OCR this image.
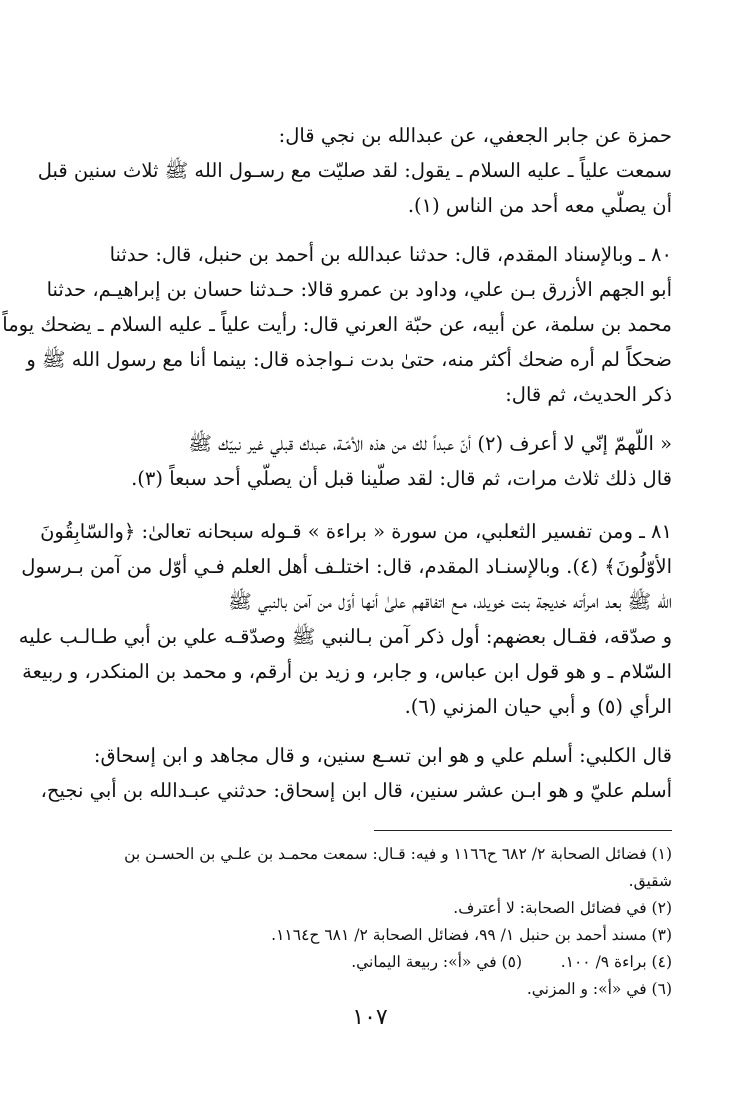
حمزة عن جابر الجعفي، عن عبدالله بن نجي قال:
سمعت علياً ـ عليه السلام ـ يقول: لقد صليّت مع رسـول الله ﷺ ثلاث سنين قبل
أن يصلّي معه أحد من الناس (١).

٨٠ ـ وبالإسناد المقدم، قال: حدثنا عبدالله بن أحمد بن حنبل، قال: حدثنا
أبو الجهم الأزرق بـن علي، وداود بن عمرو قالا: حـدثنا حسان بن إبراهيـم، حدثنا
محمد بن سلمة، عن أبيه، عن حبّة العرني قال: رأيت علياً ـ عليه السلام ـ يضحك يوماً
ضحكاً لم أره ضحك أكثر منه، حتىٰ بدت نـواجذه قال: بينما أنا مع رسول الله ﷺ و
ذكر الحديث، ثم قال:

« اللّهمّ إنّي لا أعرف (٢) أنّ عبداً لك من هذه الأمّـة، عبدك قبلي غير نبيّك ﷺ
قال ذلك ثلاث مرات، ثم قال: لقد صلّينا قبل أن يصلّي أحد سبعاً (٣).

٨١ ـ ومن تفسير الثعلبي، من سورة « براءة » قـوله سبحانه تعالىٰ: ﴿والسّابِقُونَ
الأوّلُونَ﴾ (٤). وبالإسنـاد المقدم، قال: اختلـف أهل العلم فـي أوّل من آمن بـرسول
الله ﷺ بعد امرأته خديجة بنت خويلد، مـع اتفاقهم علىٰ أنها أوّل من آمن بالنبي ﷺ
و صدّقه، فقـال بعضهم: أول ذكر آمن بـالنبي ﷺ وصدّقـه علي بن أبي طـالـب عليه
السّلام ـ و هو قول ابن عباس، و جابر، و زيد بن أرقم، و محمد بن المنكدر، و ربيعة
الرأي (٥) و أبي حيان المزني (٦).

قال الكلبي: أسلم علي و هو ابن تسـع سنين، و قال مجاهد و ابن إسحاق:
أسلم عليّ و هو ابـن عشر سنين، قال ابن إسحاق: حدثني عبـدالله بن أبي نجيح،

(١) فضائل الصحابة ٢/ ٦٨٢ ح١١٦٦ و فيه: قـال: سمعت محمـد بن علـي بن الحسـن بن
شقيق.
(٢) في فضائل الصحابة: لا أعترف.
(٣) مسند أحمد بن حنبل ١/ ٩٩، فضائل الصحابة ٢/ ٦٨١ ح١١٦٤.
(٤) براءة ٩/ ١٠٠.(٥) في «أ»: ربيعة اليماني.
(٦) في «أ»: و المزني.
١٠٧
